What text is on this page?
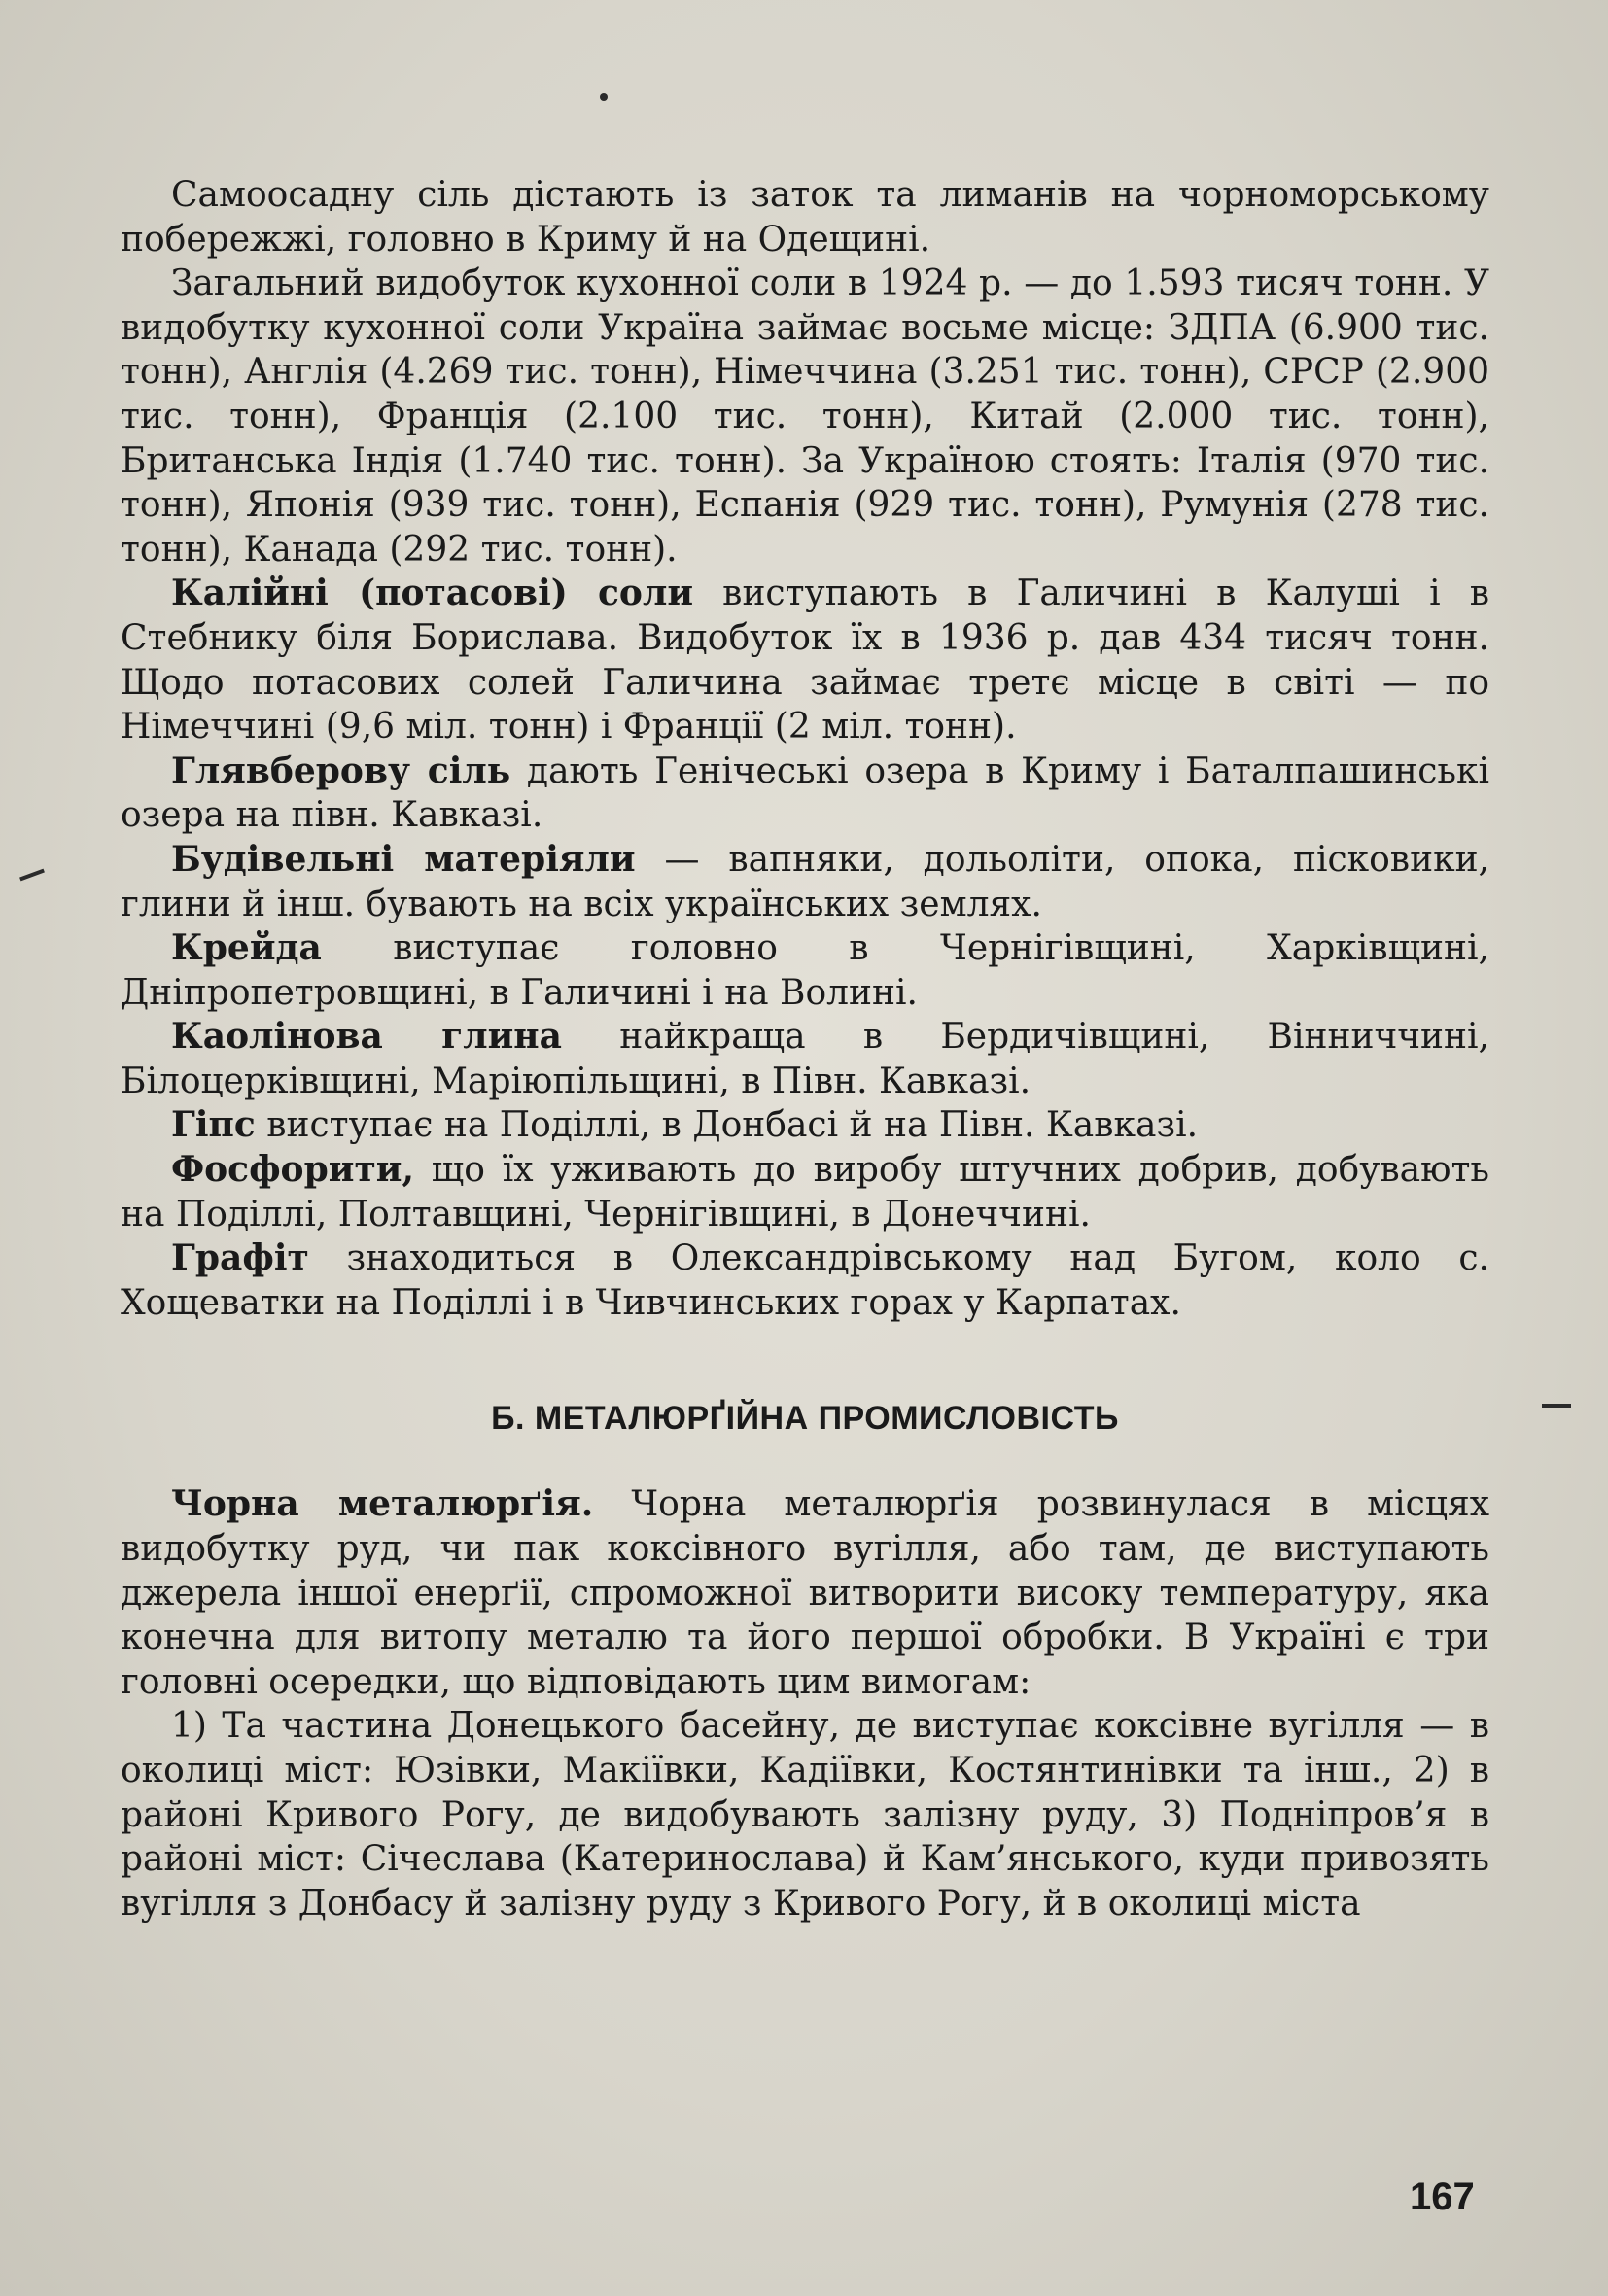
Самоосадну сіль дістають із заток та лиманів на чорноморському побережжі, головно в Криму й на Одещині.

Загальний видобуток кухонної соли в 1924 р. — до 1.593 тисяч тонн. У видобутку кухонної соли Україна займає восьме місце: ЗДПА (6.900 тис. тонн), Англія (4.269 тис. тонн), Німеччина (3.251 тис. тонн), СРСР (2.900 тис. тонн), Франція (2.100 тис. тонн), Китай (2.000 тис. тонн), Британська Індія (1.740 тис. тонн). За Україною стоять: Італія (970 тис. тонн), Японія (939 тис. тонн), Еспанія (929 тис. тонн), Румунія (278 тис. тонн), Канада (292 тис. тонн).

Калійні (потасові) соли виступають в Галичині в Калуші і в Стебнику біля Борислава. Видобуток їх в 1936 р. дав 434 тисяч тонн. Щодо потасових солей Галичина займає третє місце в світі — по Німеччині (9,6 міл. тонн) і Франції (2 міл. тонн).

Глявберову сіль дають Генічеські озера в Криму і Баталпашинські озера на півн. Кавказі.

Будівельні матеріяли — вапняки, дольоліти, опока, пісковики, глини й інш. бувають на всіх українських землях.

Крейда виступає головно в Чернігівщині, Харківщині, Дніпропетровщині, в Галичині і на Волині.

Каолінова глина найкраща в Бердичівщині, Вінниччині, Білоцерківщині, Маріюпільщині, в Півн. Кавказі.

Гіпс виступає на Поділлі, в Донбасі й на Півн. Кавказі.

Фосфорити, що їх уживають до виробу штучних добрив, добувають на Поділлі, Полтавщині, Чернігівщині, в Донеччині.

Графіт знаходиться в Олександрівському над Бугом, коло с. Хощеватки на Поділлі і в Чивчинських горах у Карпатах.

Б. МЕТАЛЮРҐІЙНА ПРОМИСЛОВІСТЬ

Чорна металюрґія. Чорна металюрґія розвинулася в місцях видобутку руд, чи пак коксівного вугілля, або там, де виступають джерела іншої енерґії, спроможної витворити високу температуру, яка конечна для витопу металю та його першої обробки. В Україні є три головні осередки, що відповідають цим вимогам:

1) Та частина Донецького басейну, де виступає коксівне вугілля — в околиці міст: Юзівки, Макіївки, Кадіївки, Костянтинівки та інш., 2) в районі Кривого Рогу, де видобувають залізну руду, 3) Подніпров’я в районі міст: Січеслава (Катеринослава) й Кам’янського, куди привозять вугілля з Донбасу й залізну руду з Кривого Рогу, й в околиці міста

167
